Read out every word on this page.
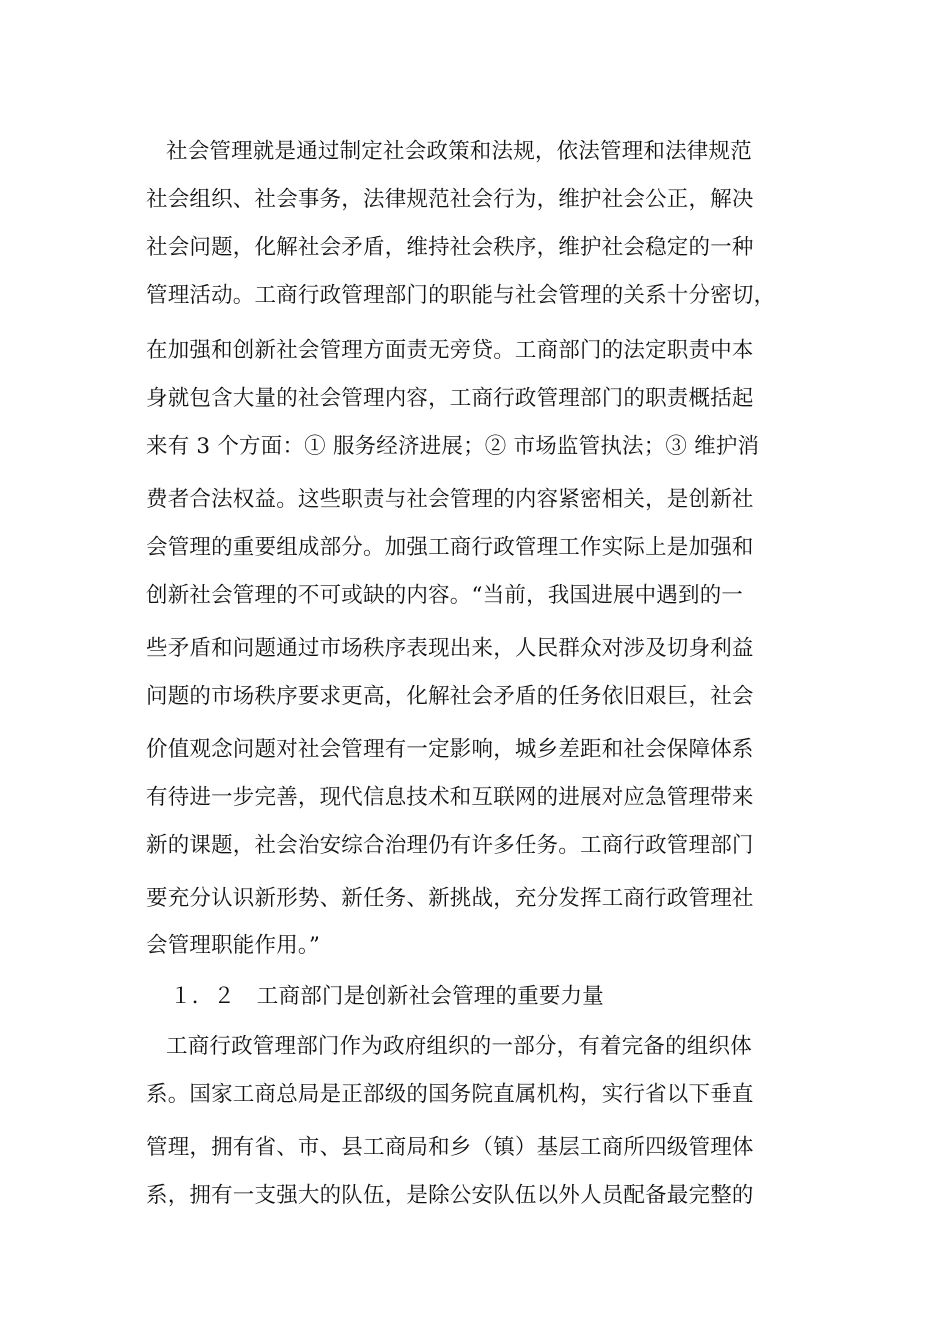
社会管理就是通过制定社会政策和法规，依法管理和法律规范
社会组织、社会事务，法律规范社会行为，维护社会公正，解决
社会问题，化解社会矛盾，维持社会秩序，维护社会稳定的一种
管理活动。工商行政管理部门的职能与社会管理的关系十分密切，
在加强和创新社会管理方面责无旁贷。工商部门的法定职责中本
身就包含大量的社会管理内容，工商行政管理部门的职责概括起
来有 3 个方面：① 服务经济进展；② 市场监管执法；③ 维护消
费者合法权益。这些职责与社会管理的内容紧密相关，是创新社
会管理的重要组成部分。加强工商行政管理工作实际上是加强和
创新社会管理的不可或缺的内容。“当前，我国进展中遇到的一
些矛盾和问题通过市场秩序表现出来，人民群众对涉及切身利益
问题的市场秩序要求更高，化解社会矛盾的任务依旧艰巨，社会
价值观念问题对社会管理有一定影响，城乡差距和社会保障体系
有待进一步完善，现代信息技术和互联网的进展对应急管理带来
新的课题，社会治安综合治理仍有许多任务。工商行政管理部门
要充分认识新形势、新任务、新挑战，充分发挥工商行政管理社
会管理职能作用。”
１．２　工商部门是创新社会管理的重要力量
工商行政管理部门作为政府组织的一部分，有着完备的组织体
系。国家工商总局是正部级的国务院直属机构，实行省以下垂直
管理，拥有省、市、县工商局和乡（镇）基层工商所四级管理体
系，拥有一支强大的队伍，是除公安队伍以外人员配备最完整的
